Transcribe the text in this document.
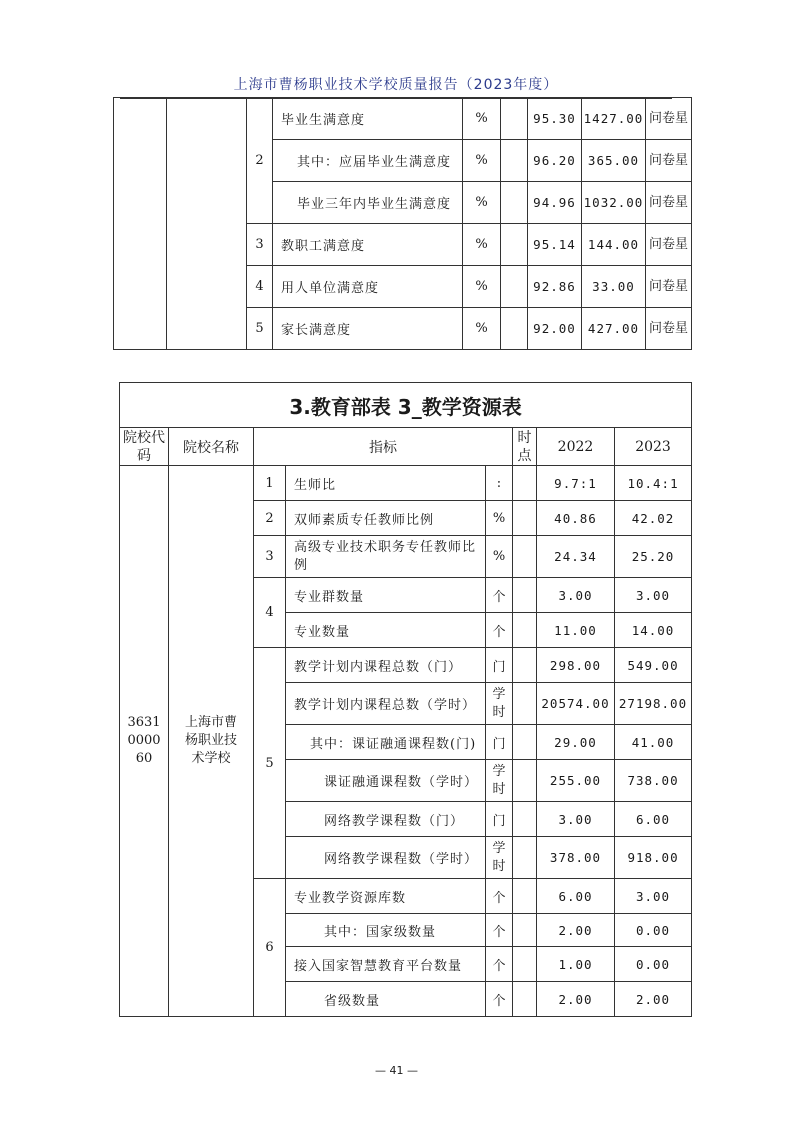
上海市曹杨职业技术学校质量报告（2023年度）
		2	毕业生满意度	%		95.30	1427.00	问卷星
			其中：应届毕业生满意度	%		96.20	365.00	问卷星
			毕业三年内毕业生满意度	%		94.96	1032.00	问卷星
		3	教职工满意度	%		95.14	144.00	问卷星
		4	用人单位满意度	%		92.86	33.00	问卷星
		5	家长满意度	%		92.00	427.00	问卷星
3.教育部表 3_教学资源表							
院校代码	院校名称	指标			时点	2022	2023
3631000060	上海市曹杨职业技术学校	1	生师比	:		9.7:1	10.4:1
		2	双师素质专任教师比例	%		40.86	42.02
		3	高级专业技术职务专任教师比例	%		24.34	25.20
		4	专业群数量	个		3.00	3.00
			专业数量	个		11.00	14.00
		5	教学计划内课程总数（门）	门		298.00	549.00
			教学计划内课程总数（学时）	学时		20574.00	27198.00
			其中：课证融通课程数(门)	门		29.00	41.00
			课证融通课程数（学时）	学时		255.00	738.00
			网络教学课程数（门）	门		3.00	6.00
			网络教学课程数（学时）	学时		378.00	918.00
		6	专业教学资源库数	个		6.00	3.00
			其中：国家级数量	个		2.00	0.00
			接入国家智慧教育平台数量	个		1.00	0.00
			省级数量	个		2.00	2.00
— 41 —
